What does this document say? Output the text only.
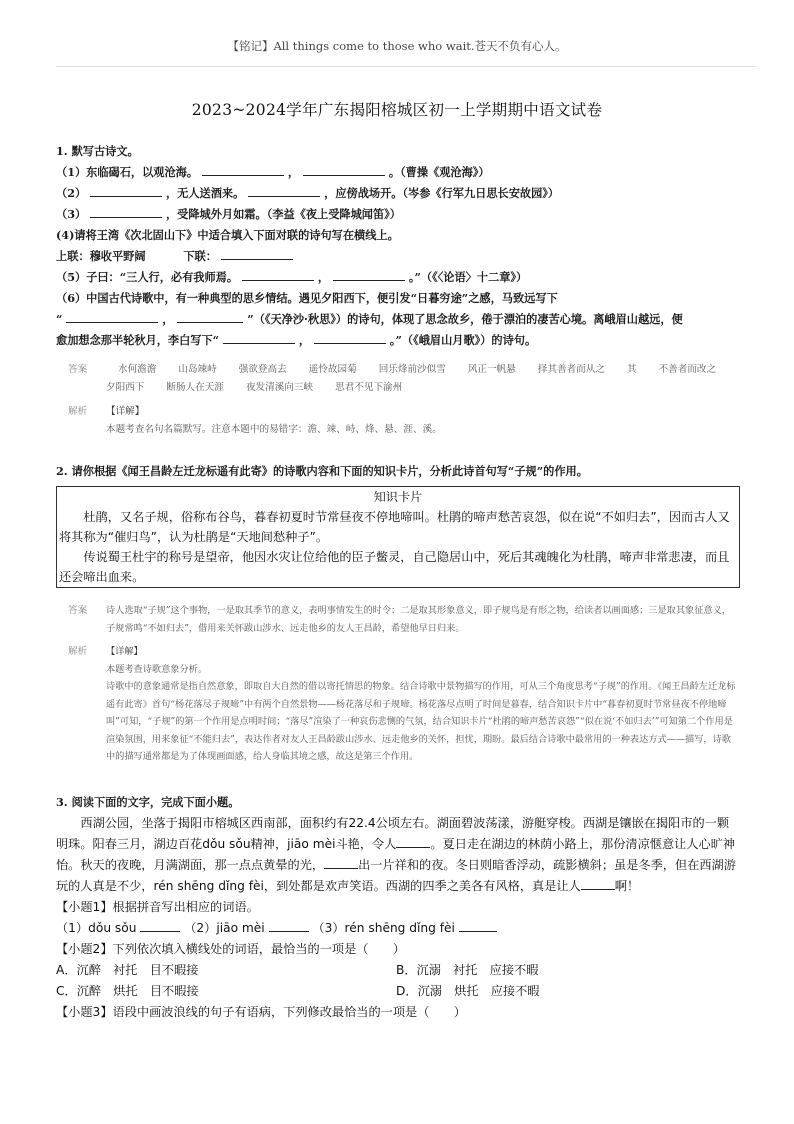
【铭记】All things come to those who wait.苍天不负有心人。
2023~2024学年广东揭阳榕城区初一上学期期中语文试卷
1. 默写古诗文。
（1）东临碣石，以观沧海。	，	。（曹操《观沧海》）
（2）	，无人送酒来。	，应傍战场开。（岑参《行军九日思长安故园》）
（3）	，受降城外月如霜。（李益《夜上受降城闻笛》）
(4)请将王湾《次北固山下》中适合填入下面对联的诗句写在横线上。
上联：穆收平野阔	下联：
（5）子曰：“三人行，必有我师焉。	，	。”（《〈论语〉十二章》）
（6）中国古代诗歌中，有一种典型的思乡情结。遇见夕阳西下，便引发“日暮穷途”之感，马致远写下
“	，	”（《天净沙·秋思》）的诗句，体现了思念故乡，倦于漂泊的凄苦心境。离峨眉山越远，便
愈加想念那半轮秋月，李白写下“	，	。”（《峨眉山月歌》）的诗句。
答案	水何澹澹 山岛竦峙 强欲登高去 遥怜故园菊 回乐烽前沙似雪 风正一帆悬 择其善者而从之 其 不善者而改之
夕阳西下 断肠人在天涯 夜发清溪向三峡 思君不见下渝州
解析	【详解】
本题考查名句名篇默写。注意本题中的易错字：澹、竦、峙、烽、悬、涯、溪。
2. 请你根据《闻王昌龄左迁龙标遥有此寄》的诗歌内容和下面的知识卡片，分析此诗首句写“子规”的作用。
知识卡片

杜鹃，又名子规，俗称布谷鸟，暮春初夏时节常昼夜不停地啼叫。杜鹃的啼声愁苦哀怨，似在说“不如归去”，因而古人又将其称为“催归鸟”，认为杜鹃是“天地间愁种子”。

传说蜀王杜宇的称号是望帝，他因水灾让位给他的臣子鳖灵，自己隐居山中，死后其魂魄化为杜鹃，啼声非常悲凄，而且还会啼出血来。

答案	诗人选取“子规”这个事物，一是取其季节的意义，表明事情发生的时令；二是取其形象意义，即子规鸟是有形之物，给读者以画面感；三是取其象征意义，子规常鸣“不如归去”，借用来关怀跋山涉水、远走他乡的友人王昌龄，希望他早日归来。
解析	【详解】
本题考查诗歌意象分析。
诗歌中的意象通常是指自然意象，即取自大自然的借以寄托情思的物象。结合诗歌中景物描写的作用，可从三个角度思考“子规”的作用。《闻王昌龄左迁龙标遥有此寄》首句“杨花落尽子规啼”中有两个自然景物——杨花落尽和子规啼。杨花落尽点明了时间是暮春，结合知识卡片中“暮春初夏时节常昼夜不停地啼叫”可知，“子规”的第一个作用是点明时间；“落尽”渲染了一种哀伤悲恻的气氛，结合知识卡片“杜鹃的啼声愁苦哀怨”“似在说‘不如归去’”可知第二个作用是渲染氛围，用来象征“不能归去”，表达作者对友人王昌龄跋山涉水、远走他乡的关怀，担忧，期盼。最后结合诗歌中最常用的一种表达方式——描写，诗歌中的描写通常都是为了体现画面感，给人身临其境之感，故这是第三个作用。
3. 阅读下面的文字，完成下面小题。

西湖公园，坐落于揭阳市榕城区西南部，面积约有22.4公顷左右。湖面碧波荡漾，游艇穿梭。西湖是镶嵌在揭阳市的一颗明珠。阳春三月，湖边百花dǒu sǒu精神，jiāo mèi斗艳，令人	。夏日走在湖边的林荫小路上，那份清凉惬意让人心旷神怡。秋天的夜晚，月满湖面，那一点点黄晕的光，	出一片祥和的夜。冬日则暗香浮动，疏影横斜；虽是冬季，但在西湖游玩的人真是不少，rén shēng dǐng fèi，到处都是欢声笑语。西湖的四季之美各有风格，真是让人	啊！

【小题1】根据拼音写出相应的词语。

（1）dǒu sǒu	（2）jiāo mèi	（3）rén shēng dǐng fèi

【小题2】下列依次填入横线处的词语，最恰当的一项是（　　）

A．沉醉　衬托　目不暇接	B．沉溺　衬托　应接不暇
C．沉醉　烘托　目不暇接	D．沉溺　烘托　应接不暇

【小题3】语段中画波浪线的句子有语病，下列修改最恰当的一项是（　　）
